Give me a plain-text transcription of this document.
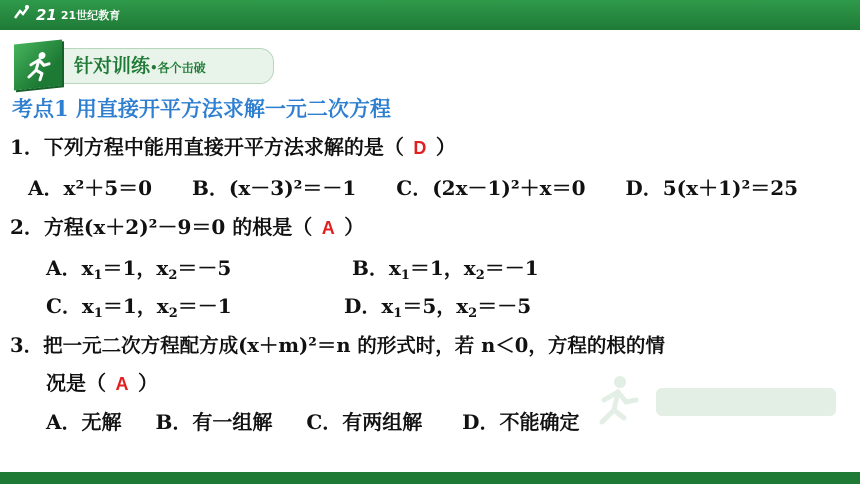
21 21世纪教育
针对训练•各个击破
考点1 用直接开平方法求解一元二次方程
1．下列方程中能用直接开平方法求解的是（ D ）
A．x²＋5＝0 B．(x－3)²＝－1 C．(2x－1)²＋x＝0 D．5(x＋1)²＝25
2．方程(x＋2)²－9＝0 的根是（ A ）
A．$x_1=1$，$x_2=-5$	B．$x_1=1$，$x_2=-1$
C．$x_1=1$，$x_2=-1$	D．$x_1=5$，$x_2=-5$
3．把一元二次方程配方成(x＋m)²＝n 的形式时，若 n＜0，方程的根的情
况是（ A ）
A．无解 B．有一组解 C．有两组解 D．不能确定
